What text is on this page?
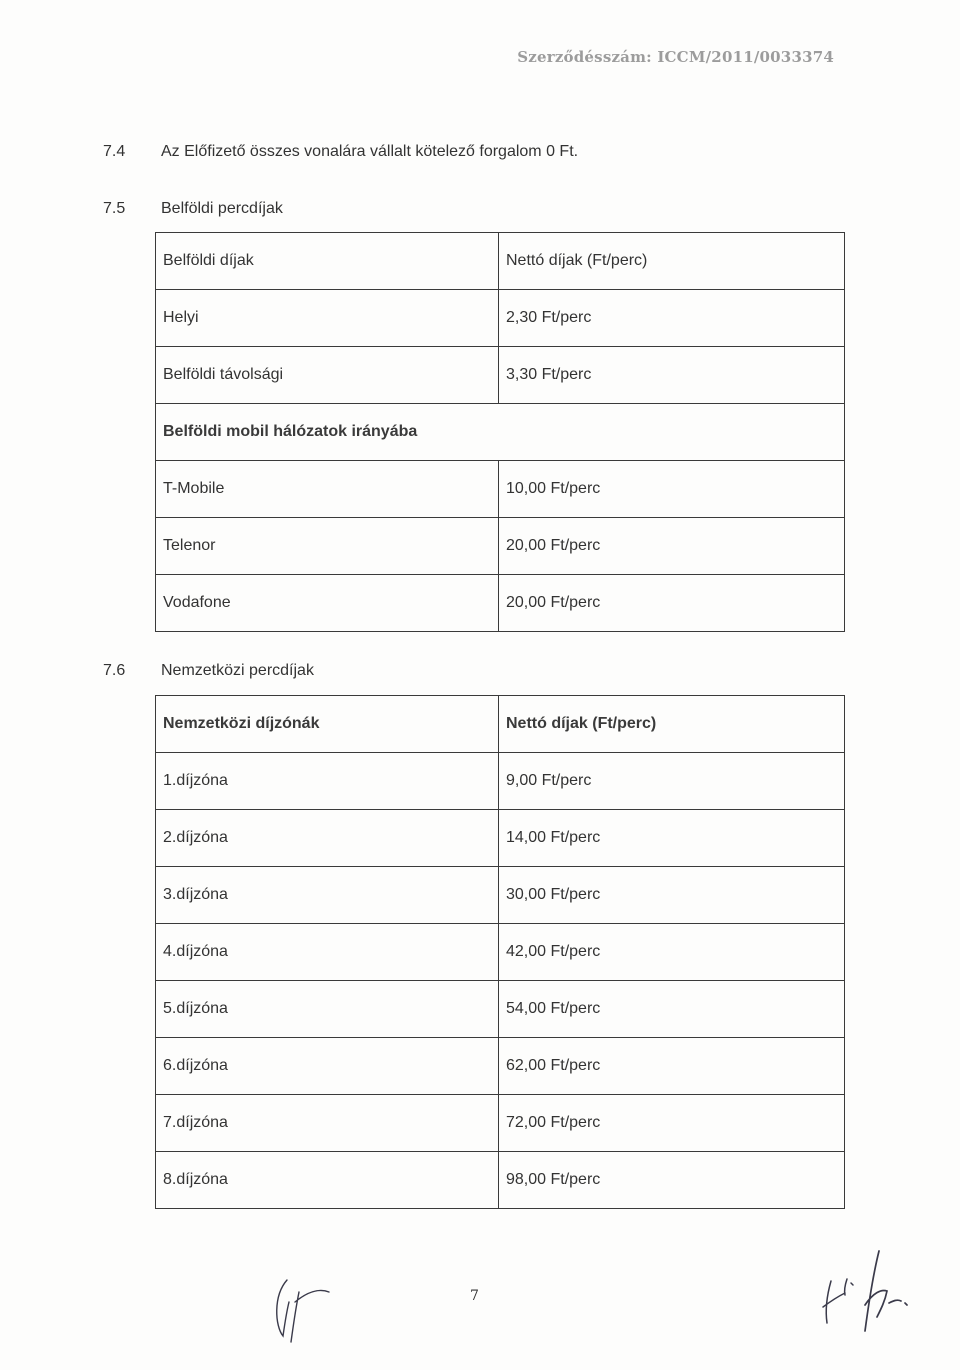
Szerződésszám: ICCM/2011/0033374
7.4 Az Előfizető összes vonalára vállalt kötelező forgalom 0 Ft.
7.5 Belföldi percdíjak
Belföldi díjak	Nettó díjak (Ft/perc)
Helyi	2,30 Ft/perc
Belföldi távolsági	3,30 Ft/perc
Belföldi mobil hálózatok irányába	
T-Mobile	10,00 Ft/perc
Telenor	20,00 Ft/perc
Vodafone	20,00 Ft/perc
7.6 Nemzetközi percdíjak
Nemzetközi díjzónák	Nettó díjak (Ft/perc)
1.díjzóna	9,00 Ft/perc
2.díjzóna	14,00 Ft/perc
3.díjzóna	30,00 Ft/perc
4.díjzóna	42,00 Ft/perc
5.díjzóna	54,00 Ft/perc
6.díjzóna	62,00 Ft/perc
7.díjzóna	72,00 Ft/perc
8.díjzóna	98,00 Ft/perc
7
